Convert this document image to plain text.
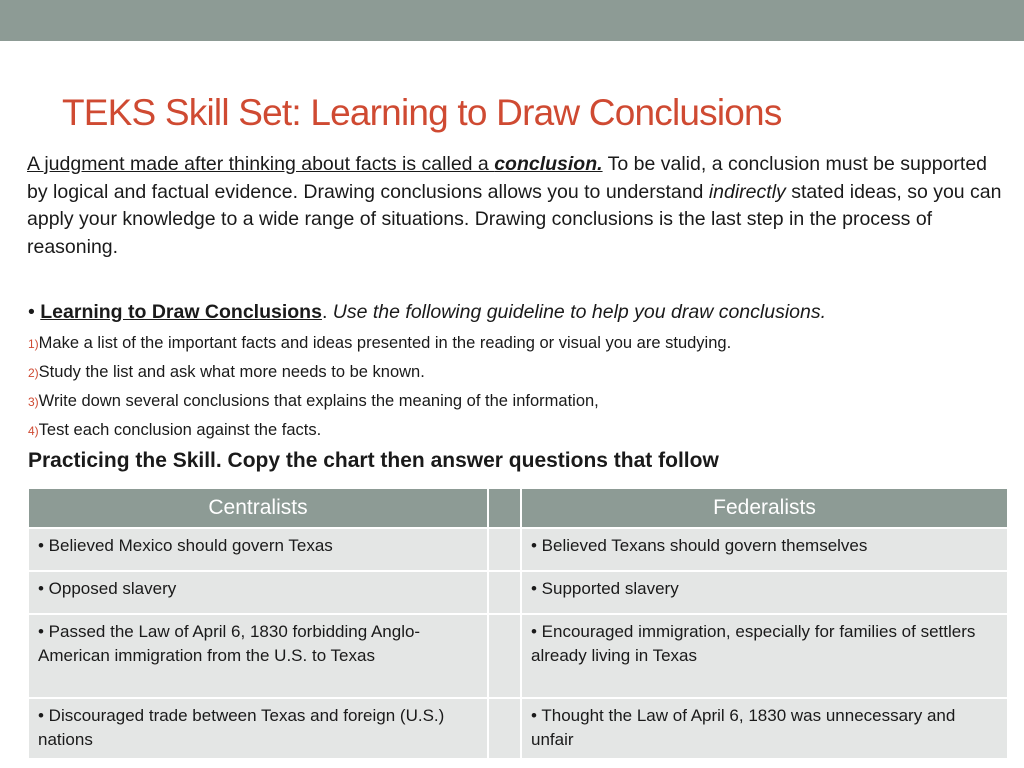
TEKS Skill Set: Learning to Draw Conclusions

A judgment made after thinking about facts is called a conclusion. To be valid, a conclusion must be supported by logical and factual evidence. Drawing conclusions allows you to understand indirectly stated ideas, so you can apply your knowledge to a wide range of situations. Drawing conclusions is the last step in the process of reasoning.

• Learning to Draw Conclusions. Use the following guideline to help you draw conclusions.

1)Make a list of the important facts and ideas presented in the reading or visual you are studying.
2)Study the list and ask what more needs to be known.
3)Write down several conclusions that explains the meaning of the information,
4)Test each conclusion against the facts.

Practicing the Skill. Copy the chart then answer questions that follow

Centralists		Federalists
• Believed Mexico should govern Texas		• Believed Texans should govern themselves
• Opposed slavery		• Supported slavery
• Passed the Law of April 6, 1830 forbidding Anglo-American immigration from the U.S. to Texas		• Encouraged immigration, especially for families of settlers already living in Texas
• Discouraged trade between Texas and foreign (U.S.) nations		• Thought the Law of April 6, 1830 was unnecessary and unfair
